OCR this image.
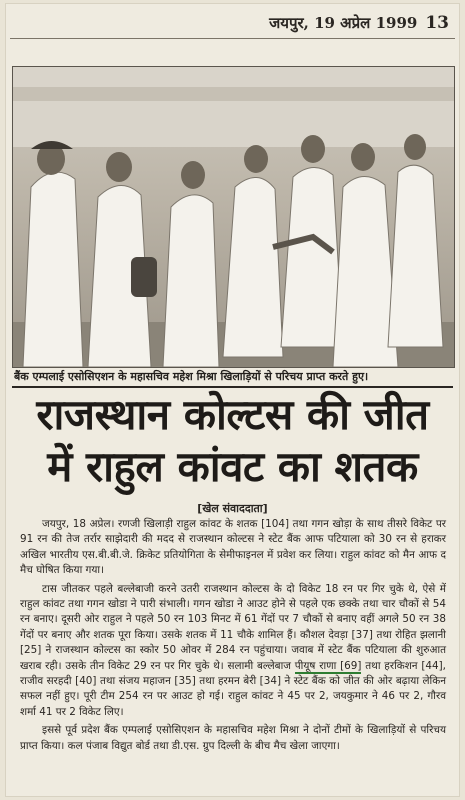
जयपुर, 19 अप्रेल 1999 13
बैंक एम्पलाई एसोसिएशन के महासचिव महेश मिश्रा खिलाड़ियों से परिचय प्राप्त करते हुए।
राजस्थान कोल्टस की जीत
में राहुल कांवट का शतक
[खेल संवाददाता]

जयपुर, 18 अप्रेल। रणजी खिलाड़ी राहुल कांवट के शतक [104] तथा गगन खोड़ा के साथ तीसरे विकेट पर 91 रन की तेज तर्रार साझेदारी की मदद से राजस्थान कोल्टस ने स्टेट बैंक आफ पटियाला को 30 रन से हराकर अखिल भारतीय एस.बी.बी.जे. क्रिकेट प्रतियोगिता के सेमीफाइनल में प्रवेश कर लिया। राहुल कांवट को मैन आफ द मैच घोषित किया गया।

टास जीतकर पहले बल्लेबाजी करने उतरी राजस्थान कोल्टस के दो विकेट 18 रन पर गिर चुके थे, ऐसे में राहुल कांवट तथा गगन खोडा ने पारी संभाली। गगन खोडा ने आउट होने से पहले एक छक्के तथा चार चौकों से 54 रन बनाए। दूसरी ओर राहुल ने पहले 50 रन 103 मिनट में 61 गेंदों पर 7 चौकों से बनाए वहीं अगले 50 रन 38 गेंदों पर बनाए और शतक पूरा किया। उसके शतक में 11 चौके शामिल हैं। कौशल देवड़ा [37] तथा रोहित झलानी [25] ने राजस्थान कोल्टस का स्कोर 50 ओवर में 284 रन पहुंचाया। जवाब में स्टेट बैंक पटियाला की शुरुआत खराब रही। उसके तीन विकेट 29 रन पर गिर चुके थे। सलामी बल्लेबाज पीयूष राणा [69] तथा हरकिशन [44], राजीव सरहदी [40] तथा संजय महाजन [35] तथा हरमन बेरी [34] ने स्टेट बैंक को जीत की ओर बढ़ाया लेकिन सफल नहीं हुए। पूरी टीम 254 रन पर आउट हो गई। राहुल कांवट ने 45 पर 2, जयकुमार ने 46 पर 2, गौरव शर्मा 41 पर 2 विकेट लिए।

इससे पूर्व प्रदेश बैंक एम्पलाई एसोसिएशन के महासचिव महेश मिश्रा ने दोनों टीमों के खिलाड़ियों से परिचय प्राप्त किया। कल पंजाब विद्युत बोर्ड तथा डी.एस. ग्रुप दिल्ली के बीच मैच खेला जाएगा।
